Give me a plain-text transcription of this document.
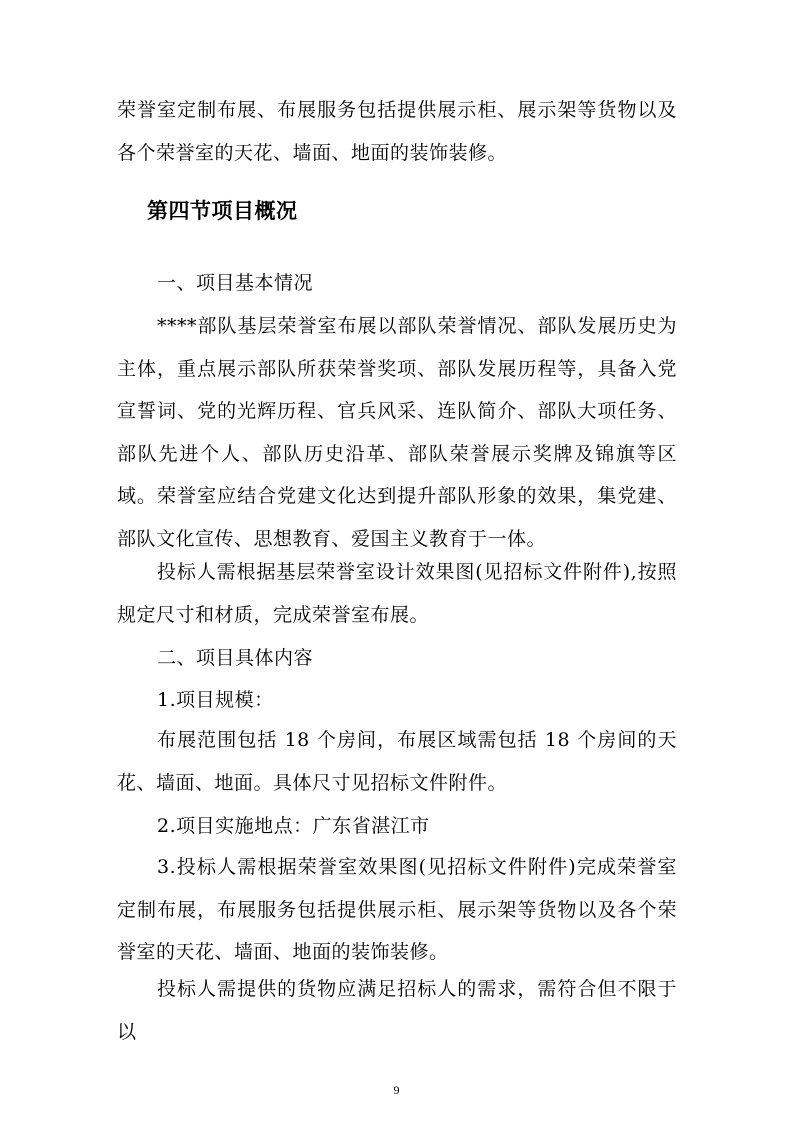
荣誉室定制布展、布展服务包括提供展示柜、展示架等货物以及各个荣誉室的天花、墙面、地面的装饰装修。

第四节项目概况

一、项目基本情况

****部队基层荣誉室布展以部队荣誉情况、部队发展历史为主体，重点展示部队所获荣誉奖项、部队发展历程等，具备入党宣誓词、党的光辉历程、官兵风采、连队简介、部队大项任务、部队先进个人、部队历史沿革、部队荣誉展示奖牌及锦旗等区域。荣誉室应结合党建文化达到提升部队形象的效果，集党建、部队文化宣传、思想教育、爱国主义教育于一体。

投标人需根据基层荣誉室设计效果图(见招标文件附件),按照规定尺寸和材质，完成荣誉室布展。

二、项目具体内容

1.项目规模：

布展范围包括 18 个房间，布展区域需包括 18 个房间的天花、墙面、地面。具体尺寸见招标文件附件。

2.项目实施地点：广东省湛江市

3.投标人需根据荣誉室效果图(见招标文件附件)完成荣誉室定制布展，布展服务包括提供展示柜、展示架等货物以及各个荣誉室的天花、墙面、地面的装饰装修。

投标人需提供的货物应满足招标人的需求，需符合但不限于以

9
